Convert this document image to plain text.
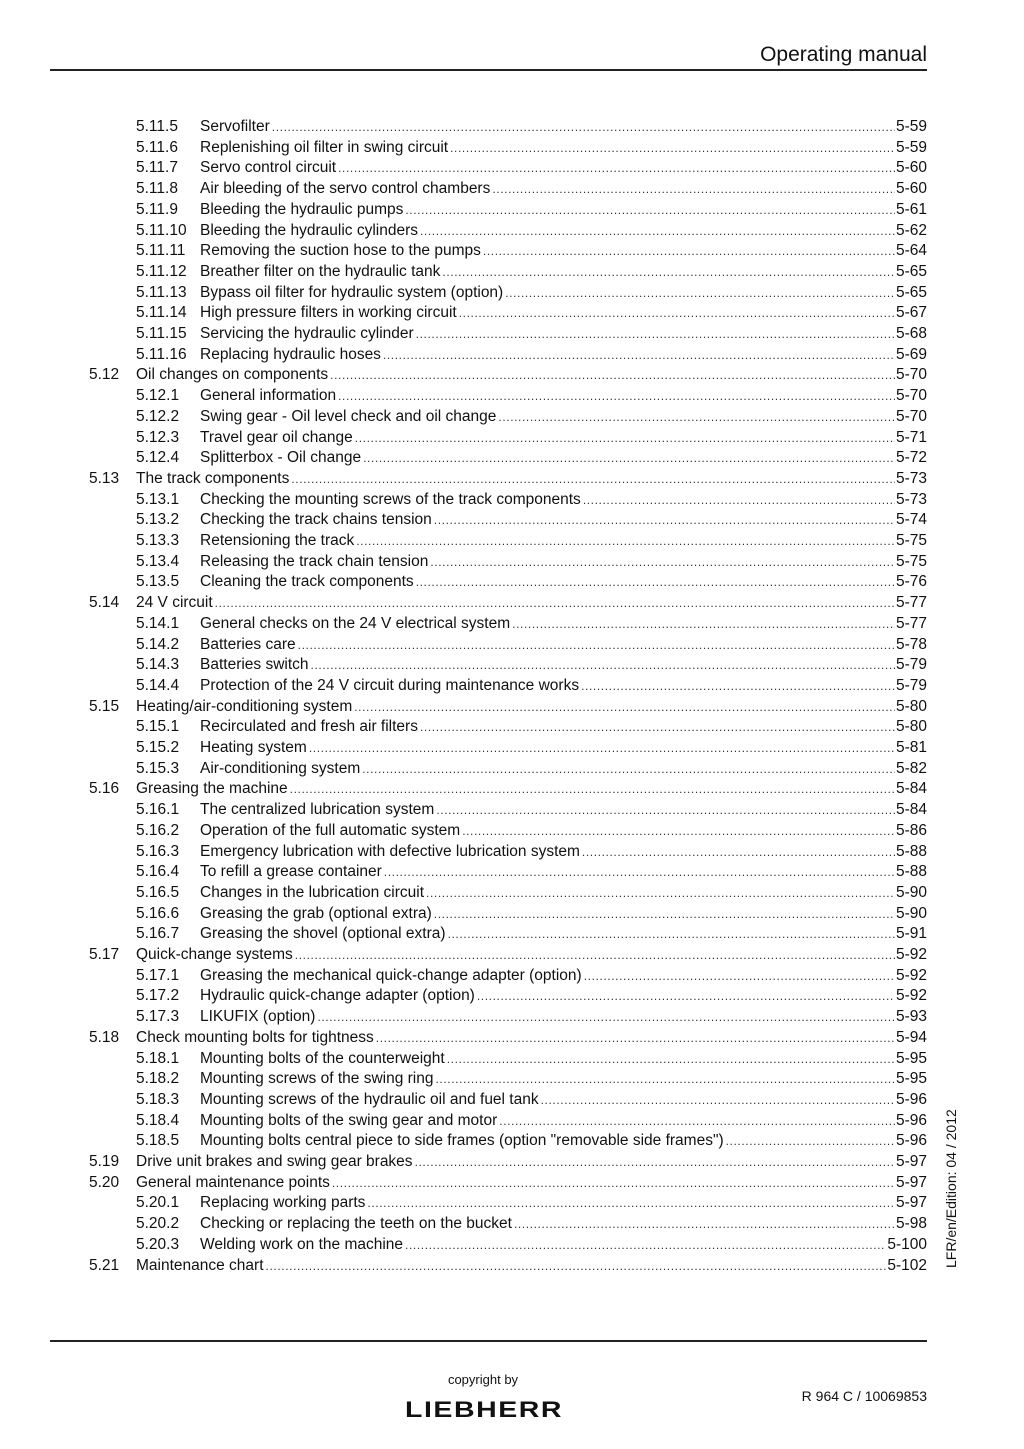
Operating manual
5.11.5 Servofilter .....	5-59
5.11.6 Replenishing oil filter in swing circuit .....	5-59
5.11.7 Servo control circuit .....	5-60
5.11.8 Air bleeding of the servo control chambers .....	5-60
5.11.9 Bleeding the hydraulic pumps .....	5-61
5.11.10 Bleeding the hydraulic cylinders .....	5-62
5.11.11 Removing the suction hose to the pumps .....	5-64
5.11.12 Breather filter on the hydraulic tank .....	5-65
5.11.13 Bypass oil filter for hydraulic system (option) .....	5-65
5.11.14 High pressure filters in working circuit .....	5-67
5.11.15 Servicing the hydraulic cylinder .....	5-68
5.11.16 Replacing hydraulic hoses .....	5-69
5.12 Oil changes on components .....	5-70
5.12.1 General information .....	5-70
5.12.2 Swing gear - Oil level check and oil change .....	5-70
5.12.3 Travel gear oil change .....	5-71
5.12.4 Splitterbox - Oil change .....	5-72
5.13 The track components .....	5-73
5.13.1 Checking the mounting screws of the track components .....	5-73
5.13.2 Checking the track chains tension .....	5-74
5.13.3 Retensioning the track .....	5-75
5.13.4 Releasing the track chain tension .....	5-75
5.13.5 Cleaning the track components .....	5-76
5.14 24 V circuit .....	5-77
5.14.1 General checks on the 24 V electrical system .....	5-77
5.14.2 Batteries care .....	5-78
5.14.3 Batteries switch .....	5-79
5.14.4 Protection of the 24 V circuit during maintenance works .....	5-79
5.15 Heating/air-conditioning system .....	5-80
5.15.1 Recirculated and fresh air filters .....	5-80
5.15.2 Heating system .....	5-81
5.15.3 Air-conditioning system .....	5-82
5.16 Greasing the machine .....	5-84
5.16.1 The centralized lubrication system .....	5-84
5.16.2 Operation of the full automatic system .....	5-86
5.16.3 Emergency lubrication with defective lubrication system .....	5-88
5.16.4 To refill a grease container .....	5-88
5.16.5 Changes in the lubrication circuit .....	5-90
5.16.6 Greasing the grab (optional extra) .....	5-90
5.16.7 Greasing the shovel (optional extra) .....	5-91
5.17 Quick-change systems .....	5-92
5.17.1 Greasing the mechanical quick-change adapter (option) .....	5-92
5.17.2 Hydraulic quick-change adapter (option) .....	5-92
5.17.3 LIKUFIX (option) .....	5-93
5.18 Check mounting bolts for tightness .....	5-94
5.18.1 Mounting bolts of the counterweight .....	5-95
5.18.2 Mounting screws of the swing ring .....	5-95
5.18.3 Mounting screws of the hydraulic oil and fuel tank .....	5-96
5.18.4 Mounting bolts of the swing gear and motor .....	5-96
5.18.5 Mounting bolts central piece to side frames (option "removable side frames") .....	5-96
5.19 Drive unit brakes and swing gear brakes .....	5-97
5.20 General maintenance points .....	5-97
5.20.1 Replacing working parts .....	5-97
5.20.2 Checking or replacing the teeth on the bucket .....	5-98
5.20.3 Welding work on the machine .....	5-100
5.21 Maintenance chart .....	5-102 LFR/en/Edition: 04 / 2012
copyright by
LIEBHERR
R 964 C / 10069853
